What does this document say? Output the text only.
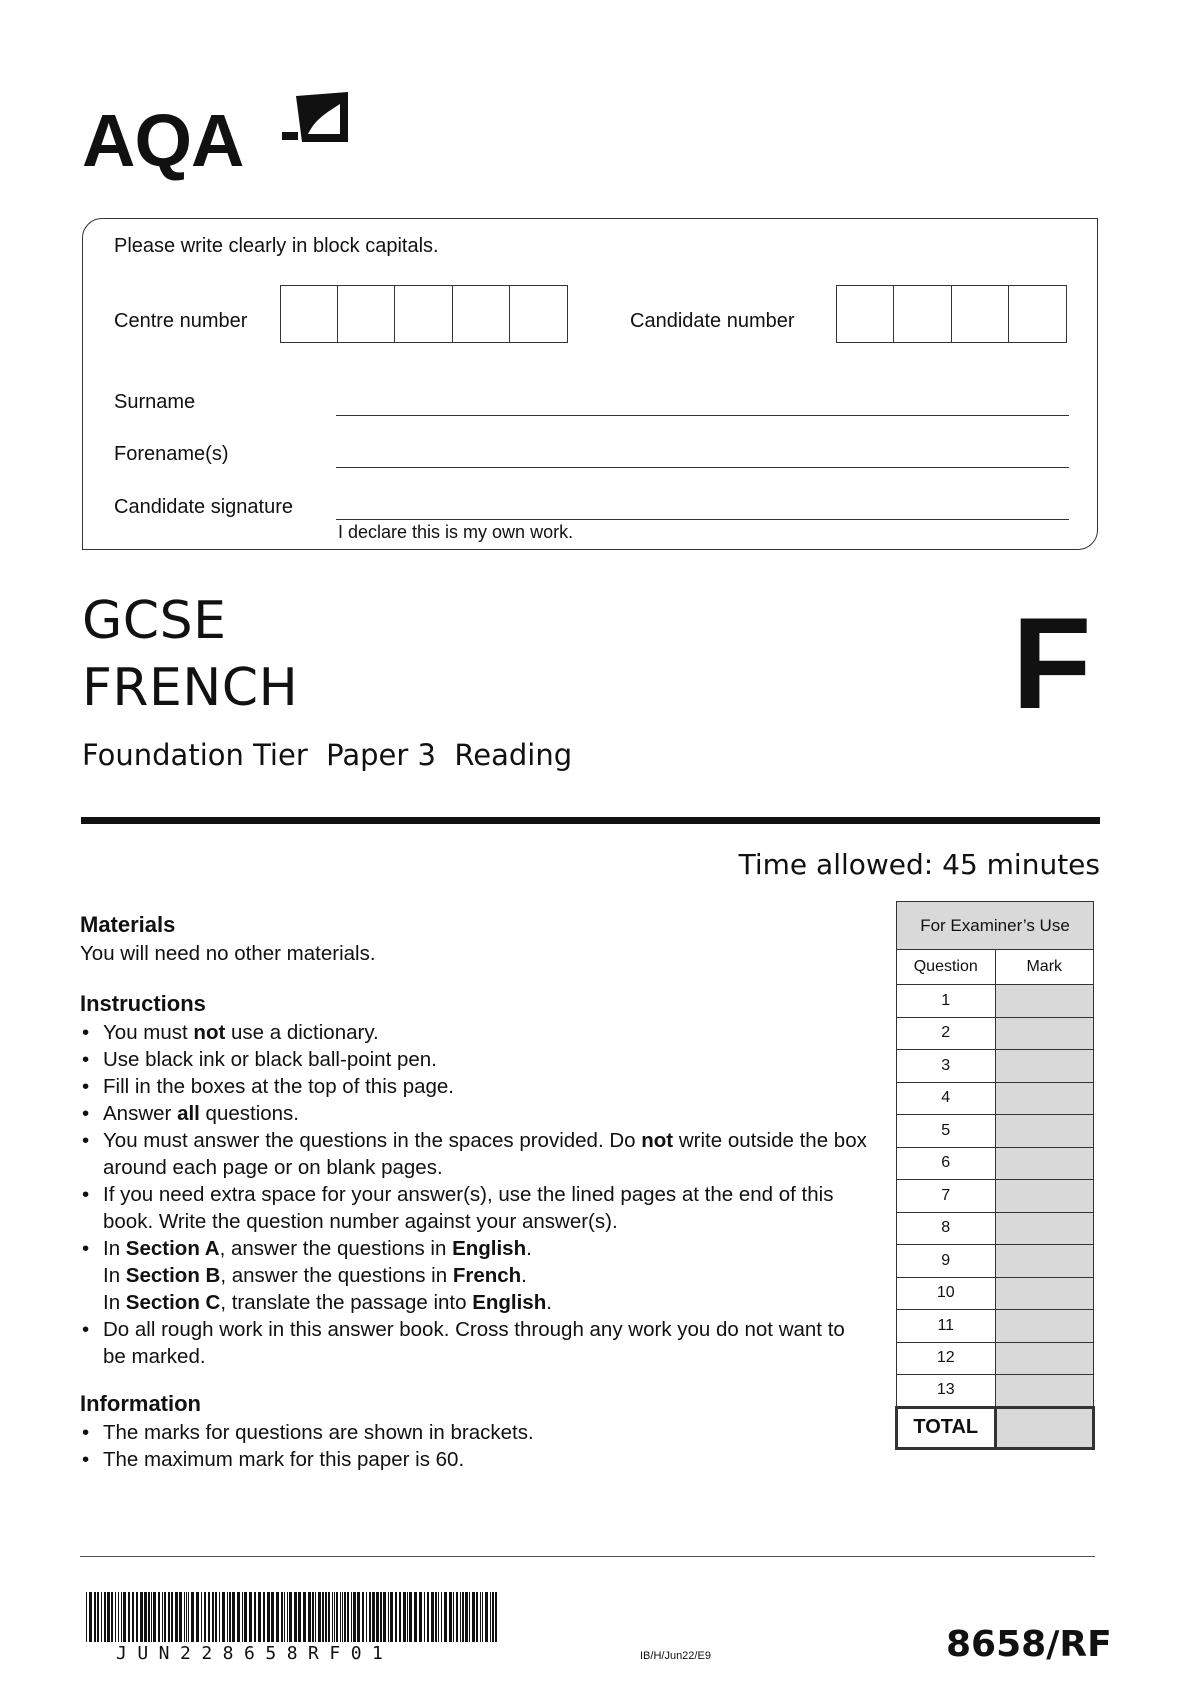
AQA
Please write clearly in block capitals.
Centre number	Candidate number
Surname
Forename(s)
Candidate signature
I declare this is my own work.
GCSE
FRENCH
Foundation Tier  Paper 3  Reading
F
Time allowed: 45 minutes
Materials
You will need no other materials.
Instructions
• You must not use a dictionary.
• Use black ink or black ball-point pen.
• Fill in the boxes at the top of this page.
• Answer all questions.
• You must answer the questions in the spaces provided. Do not write outside the box around each page or on blank pages.
• If you need extra space for your answer(s), use the lined pages at the end of this book. Write the question number against your answer(s).
• In Section A, answer the questions in English.
In Section B, answer the questions in French.
In Section C, translate the passage into English.
• Do all rough work in this answer book. Cross through any work you do not want to be marked.
Information
• The marks for questions are shown in brackets.
• The maximum mark for this paper is 60.
For Examiner’s Use	
Question	Mark
1	
2	
3	
4	
5	
6	
7	
8	
9	
10	
11	
12	
13	
TOTAL	
JUN228658RF01	IB/H/Jun22/E9	8658/RF
